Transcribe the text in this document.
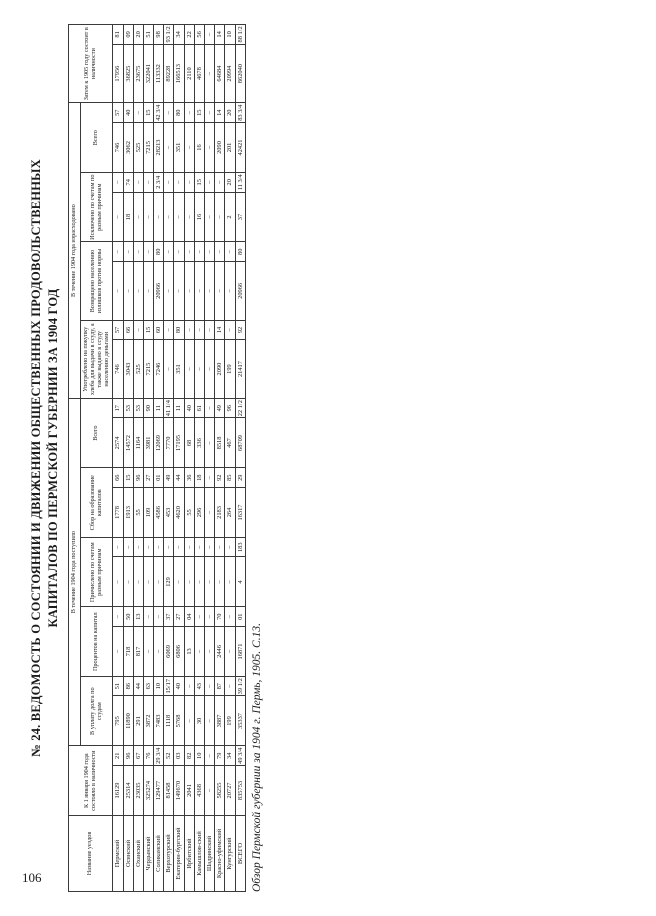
106
№ 24. ВЕДОМОСТЬ О СОСТОЯНИИ И ДВИЖЕНИИ ОБЩЕСТВЕННЫХ ПРОДОВОЛЬСТВЕННЫХ КАПИТАЛОВ ПО ПЕРМСКОЙ ГУБЕРНИИ ЗА 1904 ГОД
Название уездов	К 1 января 1904 года состояло в наличности		В течение 1904 года поступило										В течение 1904 года израсходовано								Затем к 1905 году состоит в наличности	
			В уплату долга по ссудам		Процентов на капитал		Причислено по счетам разным причинам		Сбор на образование капиталов		Всего		Употреблено на покупку хлеба для выдачи в ссуду, а также выдано в ссуду населению деньгами		Возвращено населению излишков против нормы		Исключено по счетам по разным причинам		Всего			
Пермский	16129	21	795	51	–	–	–	–	1778	66	2574	17	746	57	–	–	–	–	746	57	17956	81
Осинский	25314	96	11890	86	718	50	–	–	1913	15	14572	53	3043	66	–	–	18	74	3062	40	36825	09
Оханский	23035	67	291	44	817	13	–	–	55	96	1164	53	525	–	–	–	–	–	525	–	23675	20
Чердынский	325274	76	3872	63	–	–	–	–	109	27	3981	90	7215	15	–	–	–	–	7215	15	322041	51
Соликамский	129477	29 3/4	7483	10	–	–	–	–	4586	01	12069	11	7246	60	20966	80	–	2 3/4	28213	42 3/4	113332	98
Верхотурский	81458	52	1118	15/17	6069	37	129	–	453	49	7770	41 1/4	–	–	–	–	–	–	–	–	89228	93 1/2
Екатерин-бургский	149670	03	5768	40	6806	27	–	–	4620	44	17195	11	351	80	–	–	–	–	351	80	166513	34
Ирбитский	2041	82	–	–	13	04	–	–	55	36	68	40	–	–	–	–	–	–	–	–	2110	22
Камышлов-ский	4368	10	30	43	–	–	–	–	296	18	336	61	–	–	–	–	16	15	16	15	4678	56
Шадринский	–	–	–	–	–	–	–	–	–	–	–	–	–	–	–	–	–	–	–	–	–	–
Красно-уфимский	58255	79	3887	87	2446	70	–	–	2183	92	8518	49	2090	14	–	–	–	–	2090	14	64684	14
Кунгурский	20727	34	199	–	–	–	–	–	264	85	467	96	199	–	–	–	2	20	201	20	20994	10
ВСЕГО	835753	49 3/4	35337	39 1/2	16871	01	4	183	16317	29	68709	22 1/2	21417	92	20966	80	37	11 3/4	42421	83 3/4	862040	88 1/2
Обзор Пермской губернии за 1904 г. Пермь, 1905. С.13.
